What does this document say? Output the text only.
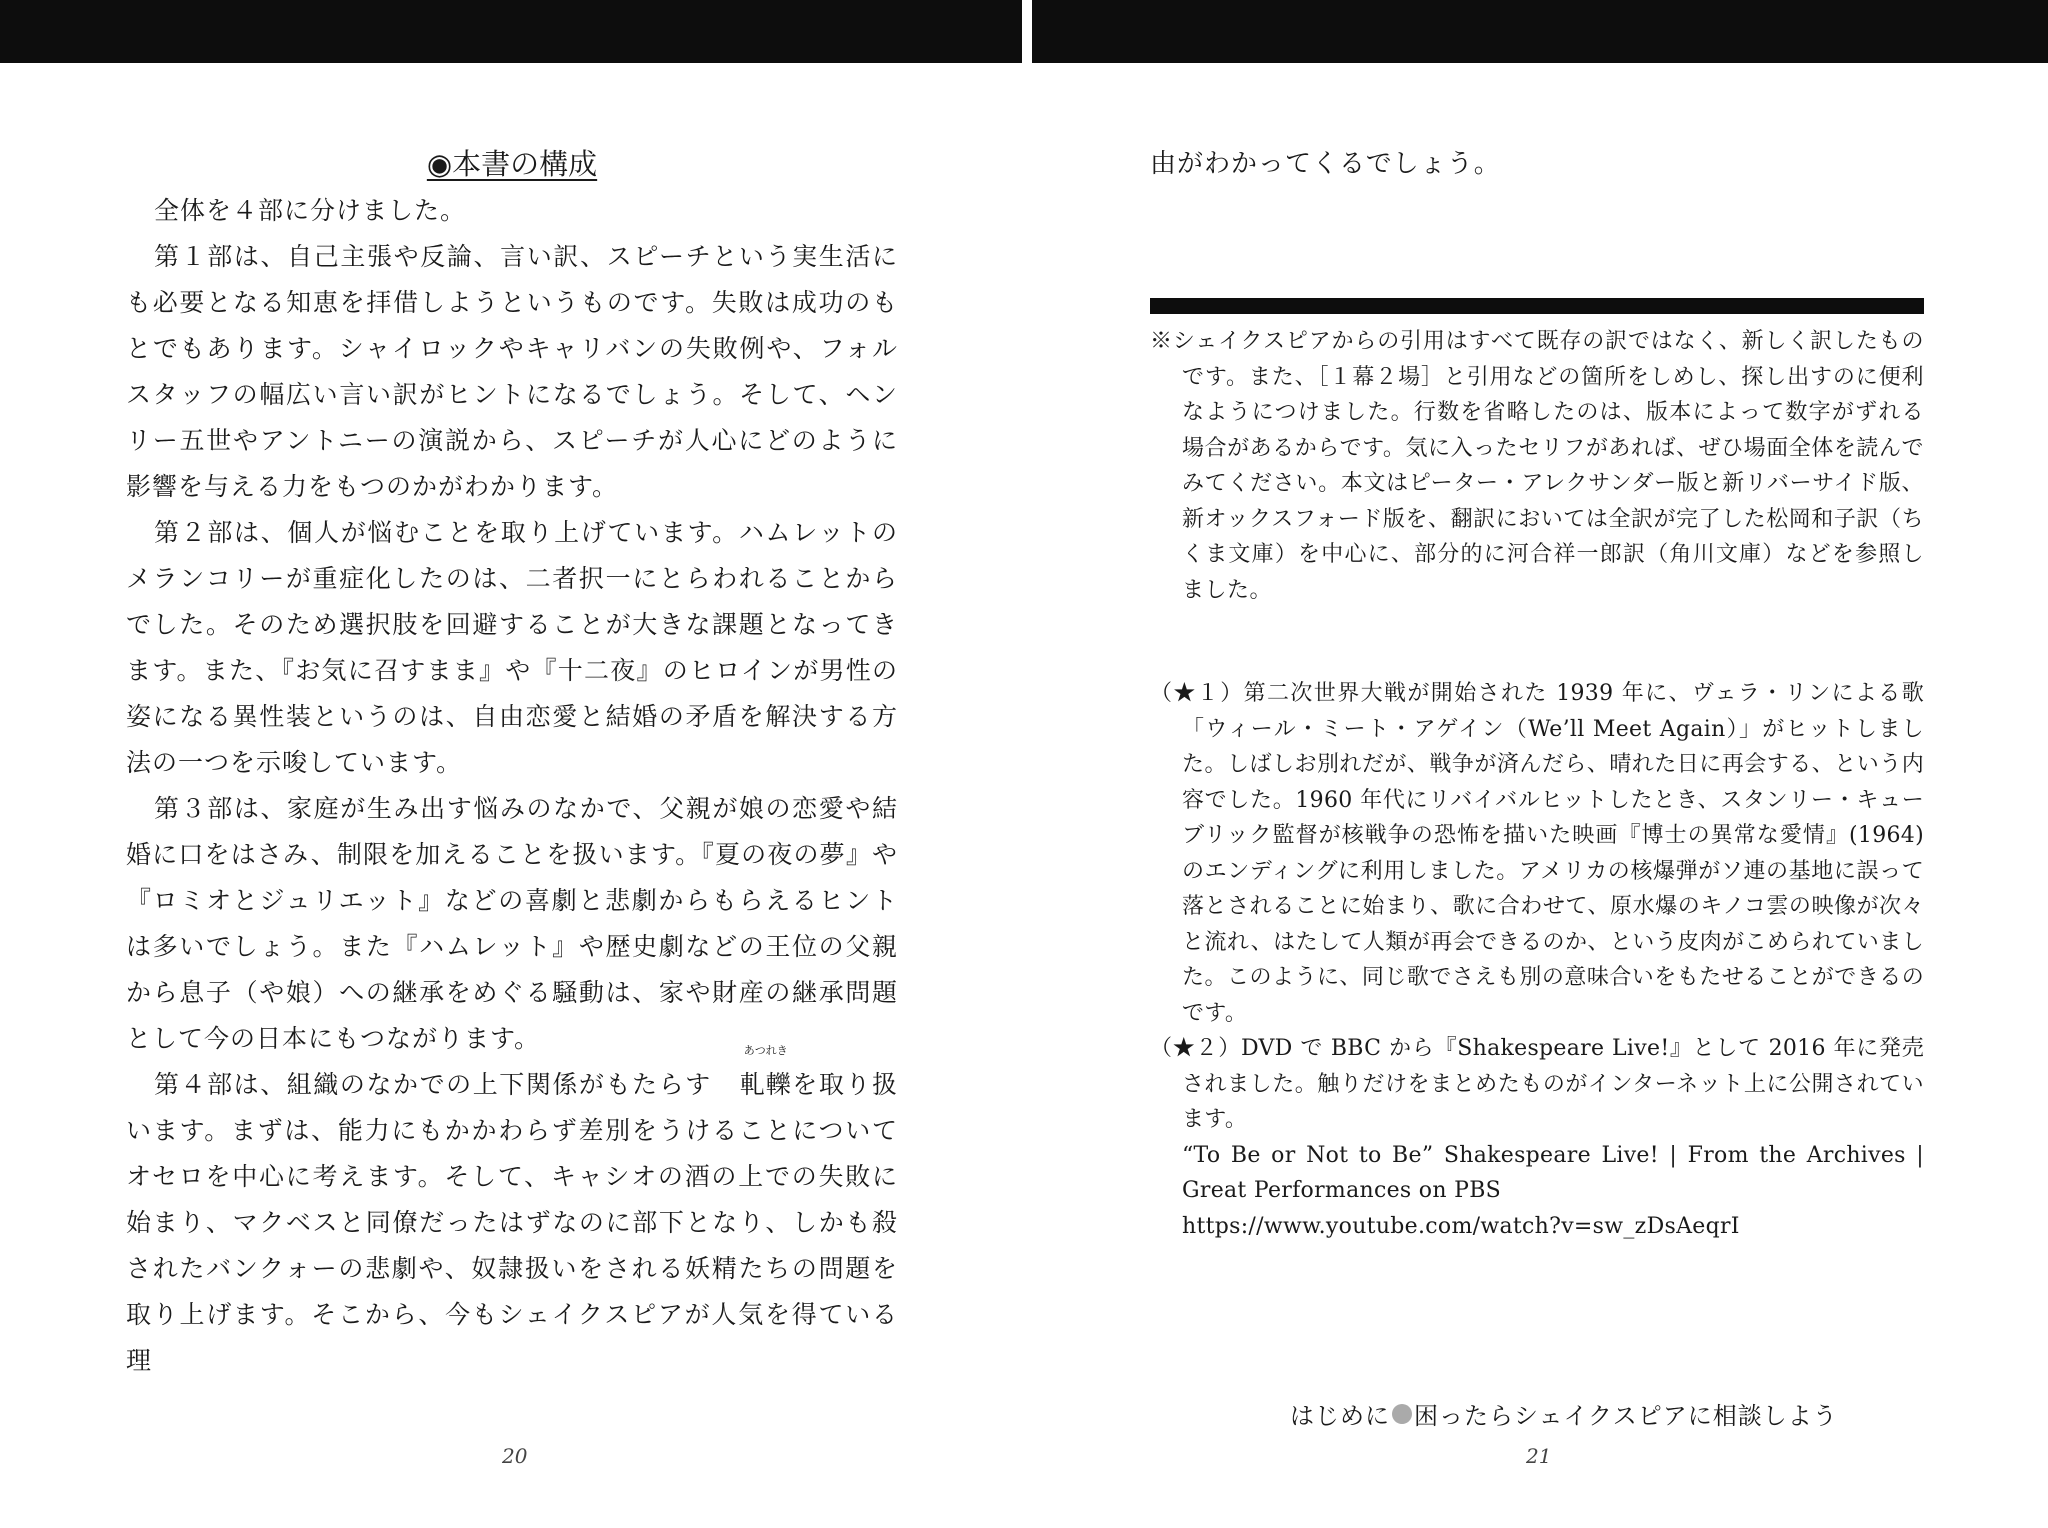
◉本書の構成
全体を４部に分けました。
第１部は、自己主張や反論、言い訳、スピーチという実生活にも必要となる知恵を拝借しようというものです。失敗は成功のもとでもあります。シャイロックやキャリバンの失敗例や、フォルスタッフの幅広い言い訳がヒントになるでしょう。そして、ヘンリー五世やアントニーの演説から、スピーチが人心にどのように影響を与える力をもつのかがわかります。
第２部は、個人が悩むことを取り上げています。ハムレットのメランコリーが重症化したのは、二者択一にとらわれることからでした。そのため選択肢を回避することが大きな課題となってきます。また、『お気に召すまま』や『十二夜』のヒロインが男性の姿になる異性装というのは、自由恋愛と結婚の矛盾を解決する方法の一つを示唆しています。
第３部は、家庭が生み出す悩みのなかで、父親が娘の恋愛や結婚に口をはさみ、制限を加えることを扱います。『夏の夜の夢』や『ロミオとジュリエット』などの喜劇と悲劇からもらえるヒントは多いでしょう。また『ハムレット』や歴史劇などの王位の父親から息子（や娘）への継承をめぐる騒動は、家や財産の継承問題として今の日本にもつながります。
第４部は、組織のなかでの上下関係がもたらす
あつれき
軋轢を取り扱います。まずは、能力にもかかわらず差別をうけることについてオセロを中心に考えます。そして、キャシオの酒の上での失敗に始まり、マクベスと同僚だったはずなのに部下となり、しかも殺されたバンクォーの悲劇や、奴隷扱いをされる妖精たちの問題を取り上げます。そこから、今もシェイクスピアが人気を得ている理
由がわかってくるでしょう。
※シェイクスピアからの引用はすべて既存の訳ではなく、新しく訳したものです。また、［１幕２場］と引用などの箇所をしめし、探し出すのに便利なようにつけました。行数を省略したのは、版本によって数字がずれる場合があるからです。気に入ったセリフがあれば、ぜひ場面全体を読んでみてください。本文はピーター・アレクサンダー版と新リバーサイド版、新オックスフォード版を、翻訳においては全訳が完了した松岡和子訳（ちくま文庫）を中心に、部分的に河合祥一郎訳（角川文庫）などを参照しました。
（★１）第二次世界大戦が開始された 1939 年に、ヴェラ・リンによる歌「ウィール・ミート・アゲイン（We’ll Meet Again）」がヒットしました。しばしお別れだが、戦争が済んだら、晴れた日に再会する、という内容でした。1960 年代にリバイバルヒットしたとき、スタンリー・キューブリック監督が核戦争の恐怖を描いた映画『博士の異常な愛情』(1964) のエンディングに利用しました。アメリカの核爆弾がソ連の基地に誤って落とされることに始まり、歌に合わせて、原水爆のキノコ雲の映像が次々と流れ、はたして人類が再会できるのか、という皮肉がこめられていました。このように、同じ歌でさえも別の意味合いをもたせることができるのです。
（★２）DVD で BBC から『Shakespeare Live!』として 2016 年に発売されました。触りだけをまとめたものがインターネット上に公開されています。
“To Be or Not to Be” Shakespeare Live! | From the Archives | Great Performances on PBS
https://www.youtube.com/watch?v=sw_zDsAeqrI
はじめに 困ったらシェイクスピアに相談しよう
20	21
